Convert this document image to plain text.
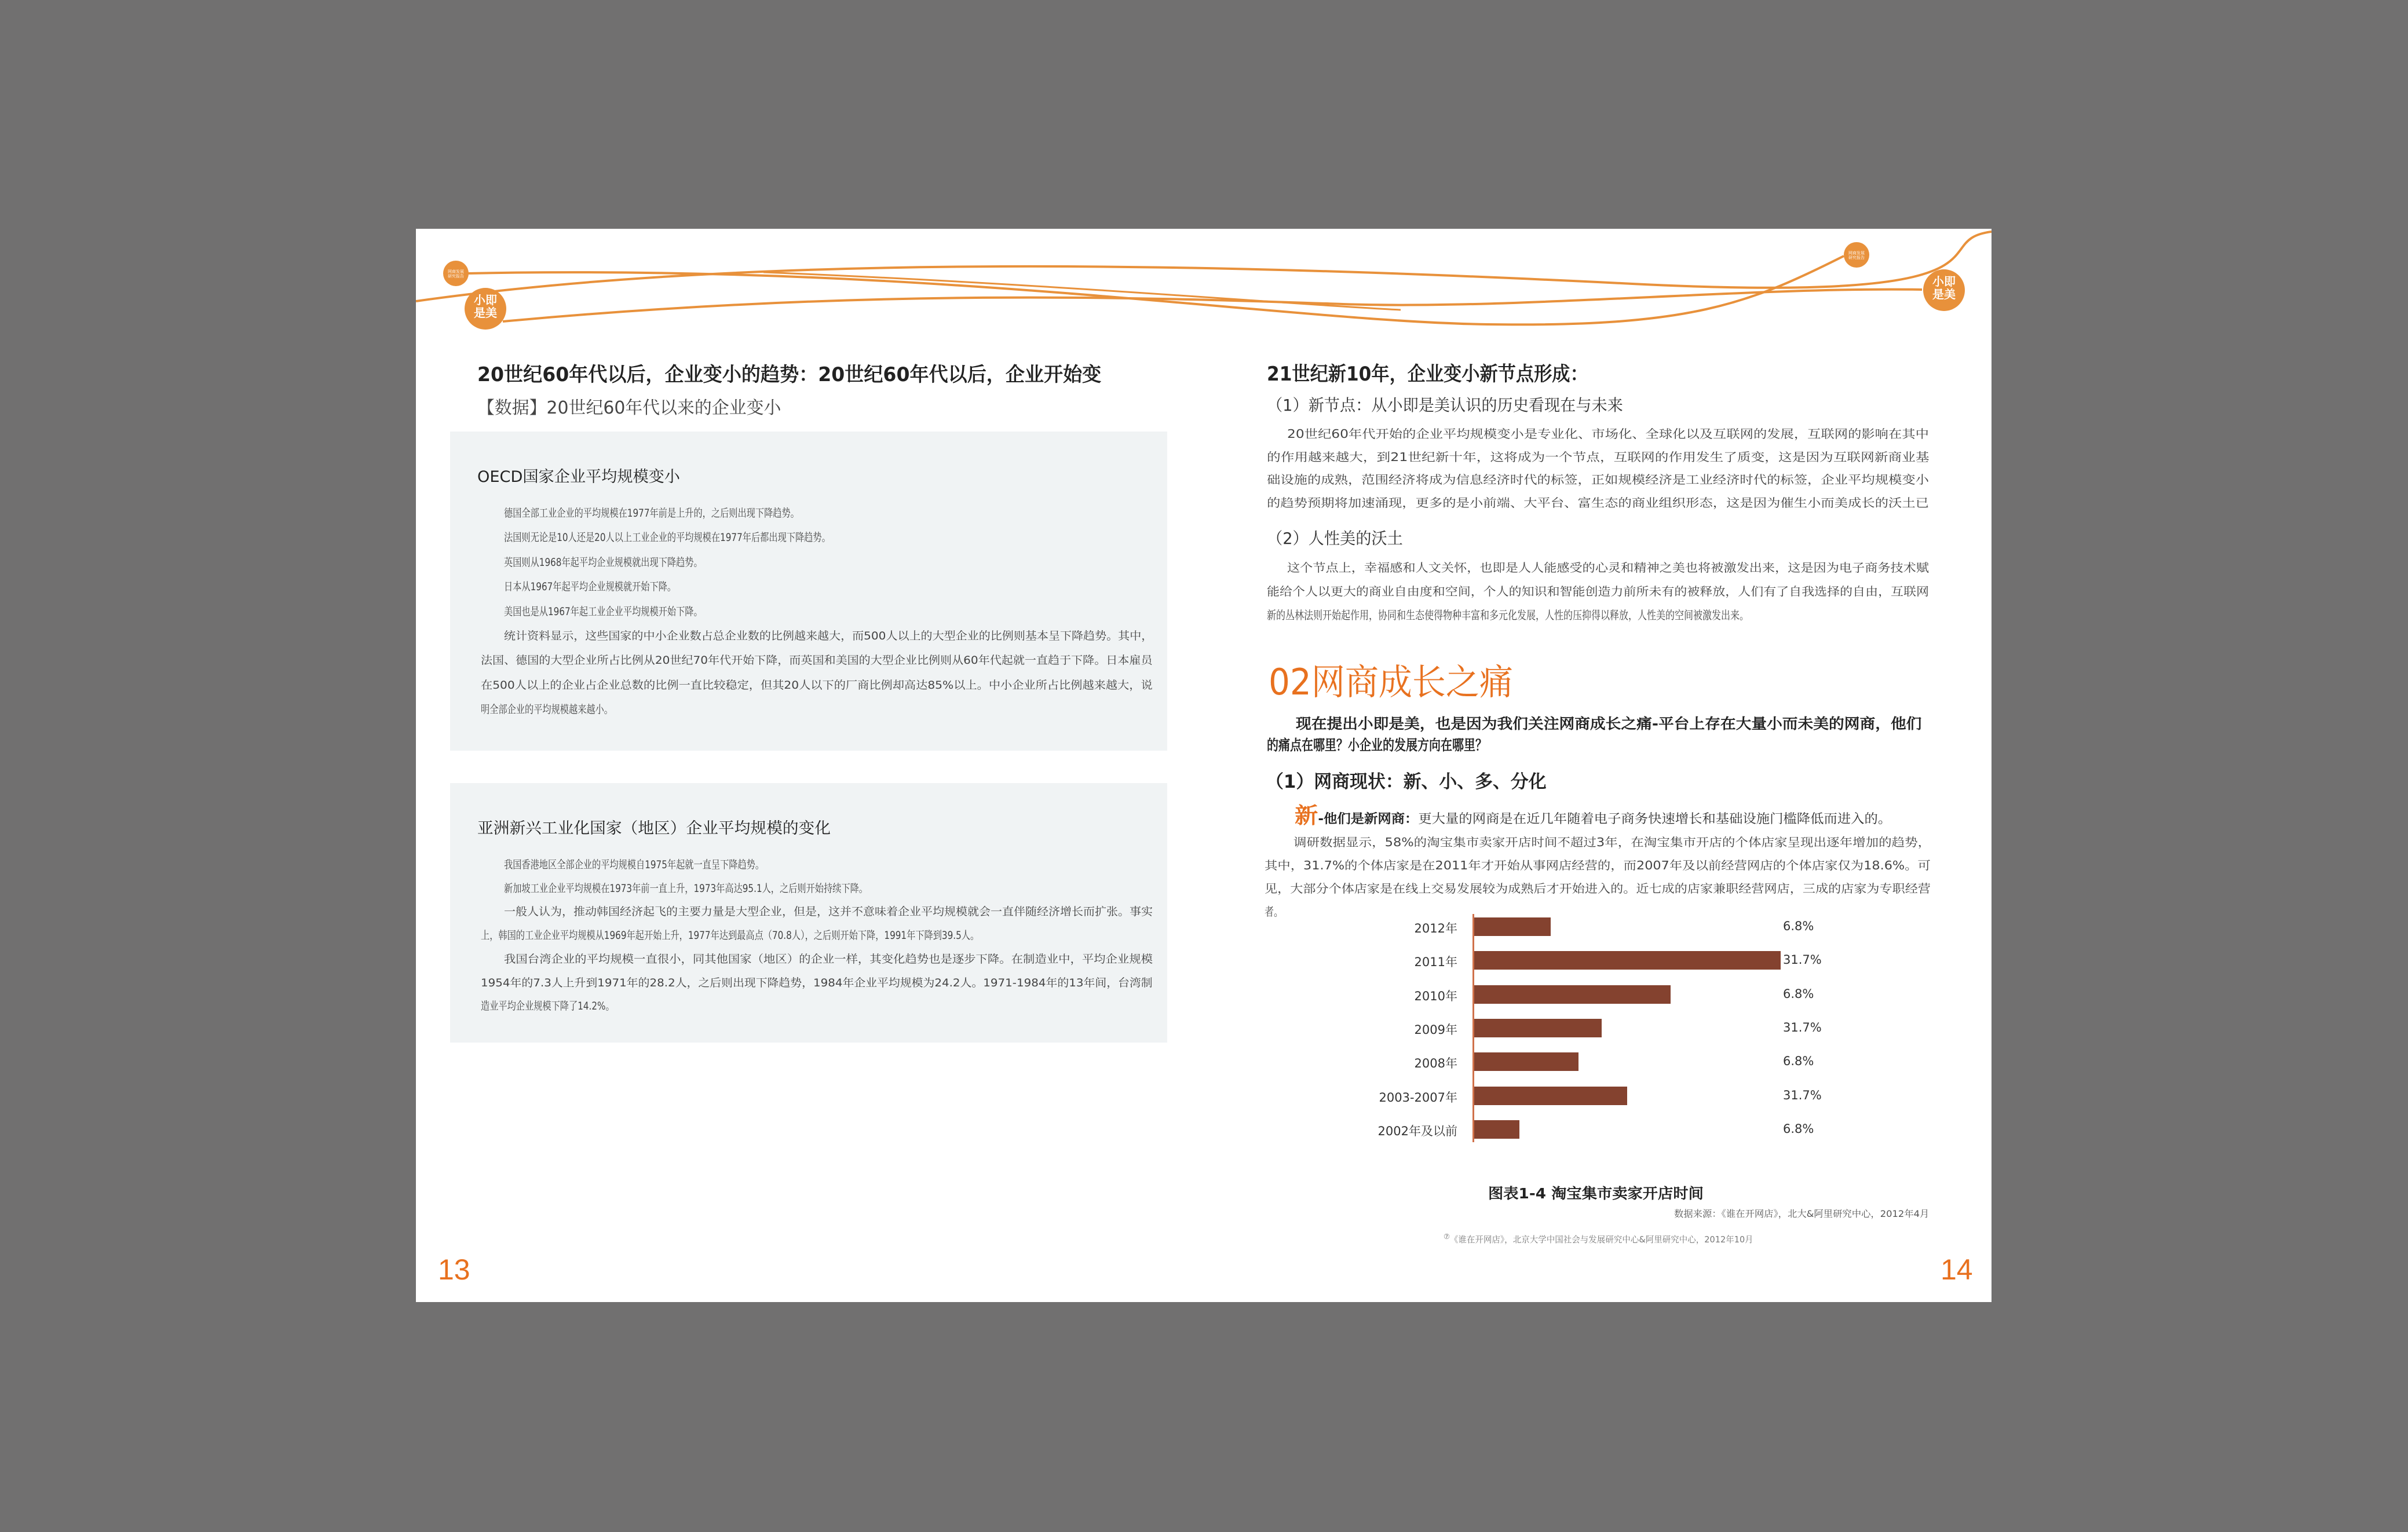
网商发展研究报告
小即是美
网商发展研究报告
小即是美
20世纪60年代以后，企业变小的趋势：20世纪60年代以后，企业开始变
【数据】20世纪60年代以来的企业变小
OECD国家企业平均规模变小
德国全部工业企业的平均规模在1977年前是上升的，之后则出现下降趋势。
法国则无论是10人还是20人以上工业企业的平均规模在1977年后都出现下降趋势。
英国则从1968年起平均企业规模就出现下降趋势。
日本从1967年起平均企业规模就开始下降。
美国也是从1967年起工业企业平均规模开始下降。
统计资料显示，这些国家的中小企业数占总企业数的比例越来越大，而500人以上的大型企业的比例则基本呈下降趋势。其中，
法国、德国的大型企业所占比例从20世纪70年代开始下降，而英国和美国的大型企业比例则从60年代起就一直趋于下降。日本雇员
在500人以上的企业占企业总数的比例一直比较稳定，但其20人以下的厂商比例却高达85%以上。中小企业所占比例越来越大，说
明全部企业的平均规模越来越小。
亚洲新兴工业化国家（地区）企业平均规模的变化
我国香港地区全部企业的平均规模自1975年起就一直呈下降趋势。
新加坡工业企业平均规模在1973年前一直上升，1973年高达95.1人，之后则开始持续下降。
一般人认为，推动韩国经济起飞的主要力量是大型企业，但是，这并不意味着企业平均规模就会一直伴随经济增长而扩张。事实
上，韩国的工业企业平均规模从1969年起开始上升，1977年达到最高点（70.8人），之后则开始下降，1991年下降到39.5人。
我国台湾企业的平均规模一直很小，同其他国家（地区）的企业一样，其变化趋势也是逐步下降。在制造业中，平均企业规模
1954年的7.3人上升到1971年的28.2人，之后则出现下降趋势，1984年企业平均规模为24.2人。1971-1984年的13年间，台湾制
造业平均企业规模下降了14.2%。
13
21世纪新10年，企业变小新节点形成：
（1）新节点：从小即是美认识的历史看现在与未来
20世纪60年代开始的企业平均规模变小是专业化、市场化、全球化以及互联网的发展，互联网的影响在其中
的作用越来越大，到21世纪新十年，这将成为一个节点，互联网的作用发生了质变，这是因为互联网新商业基
础设施的成熟，范围经济将成为信息经济时代的标签，正如规模经济是工业经济时代的标签，企业平均规模变小
的趋势预期将加速涌现，更多的是小前端、大平台、富生态的商业组织形态，这是因为催生小而美成长的沃土已
（2）人性美的沃土
这个节点上，幸福感和人文关怀，也即是人人能感受的心灵和精神之美也将被激发出来，这是因为电子商务技术赋
能给个人以更大的商业自由度和空间，个人的知识和智能创造力前所未有的被释放，人们有了自我选择的自由，互联网
新的丛林法则开始起作用，协同和生态使得物种丰富和多元化发展，人性的压抑得以释放，人性美的空间被激发出来。
02网商成长之痛
现在提出小即是美，也是因为我们关注网商成长之痛-平台上存在大量小而未美的网商，他们
的痛点在哪里？小企业的发展方向在哪里？
（1）网商现状：新、小、多、分化
新-他们是新网商：更大量的网商是在近几年随着电子商务快速增长和基础设施门槛降低而进入的。
调研数据显示，58%的淘宝集市卖家开店时间不超过3年，在淘宝集市开店的个体店家呈现出逐年增加的趋势，
其中，31.7%的个体店家是在2011年才开始从事网店经营的，而2007年及以前经营网店的个体店家仅为18.6%。可
见，大部分个体店家是在线上交易发展较为成熟后才开始进入的。近七成的店家兼职经营网店，三成的店家为专职经营
者。
2012年	6.8%
2011年	31.7%
2010年	6.8%
2009年	31.7%
2008年	6.8%
2003-2007年	31.7%
2002年及以前	6.8%
图表1-4 淘宝集市卖家开店时间
数据来源：《谁在开网店》，北大&阿里研究中心，2012年4月
⑦《谁在开网店》，北京大学中国社会与发展研究中心&阿里研究中心，2012年10月
14
